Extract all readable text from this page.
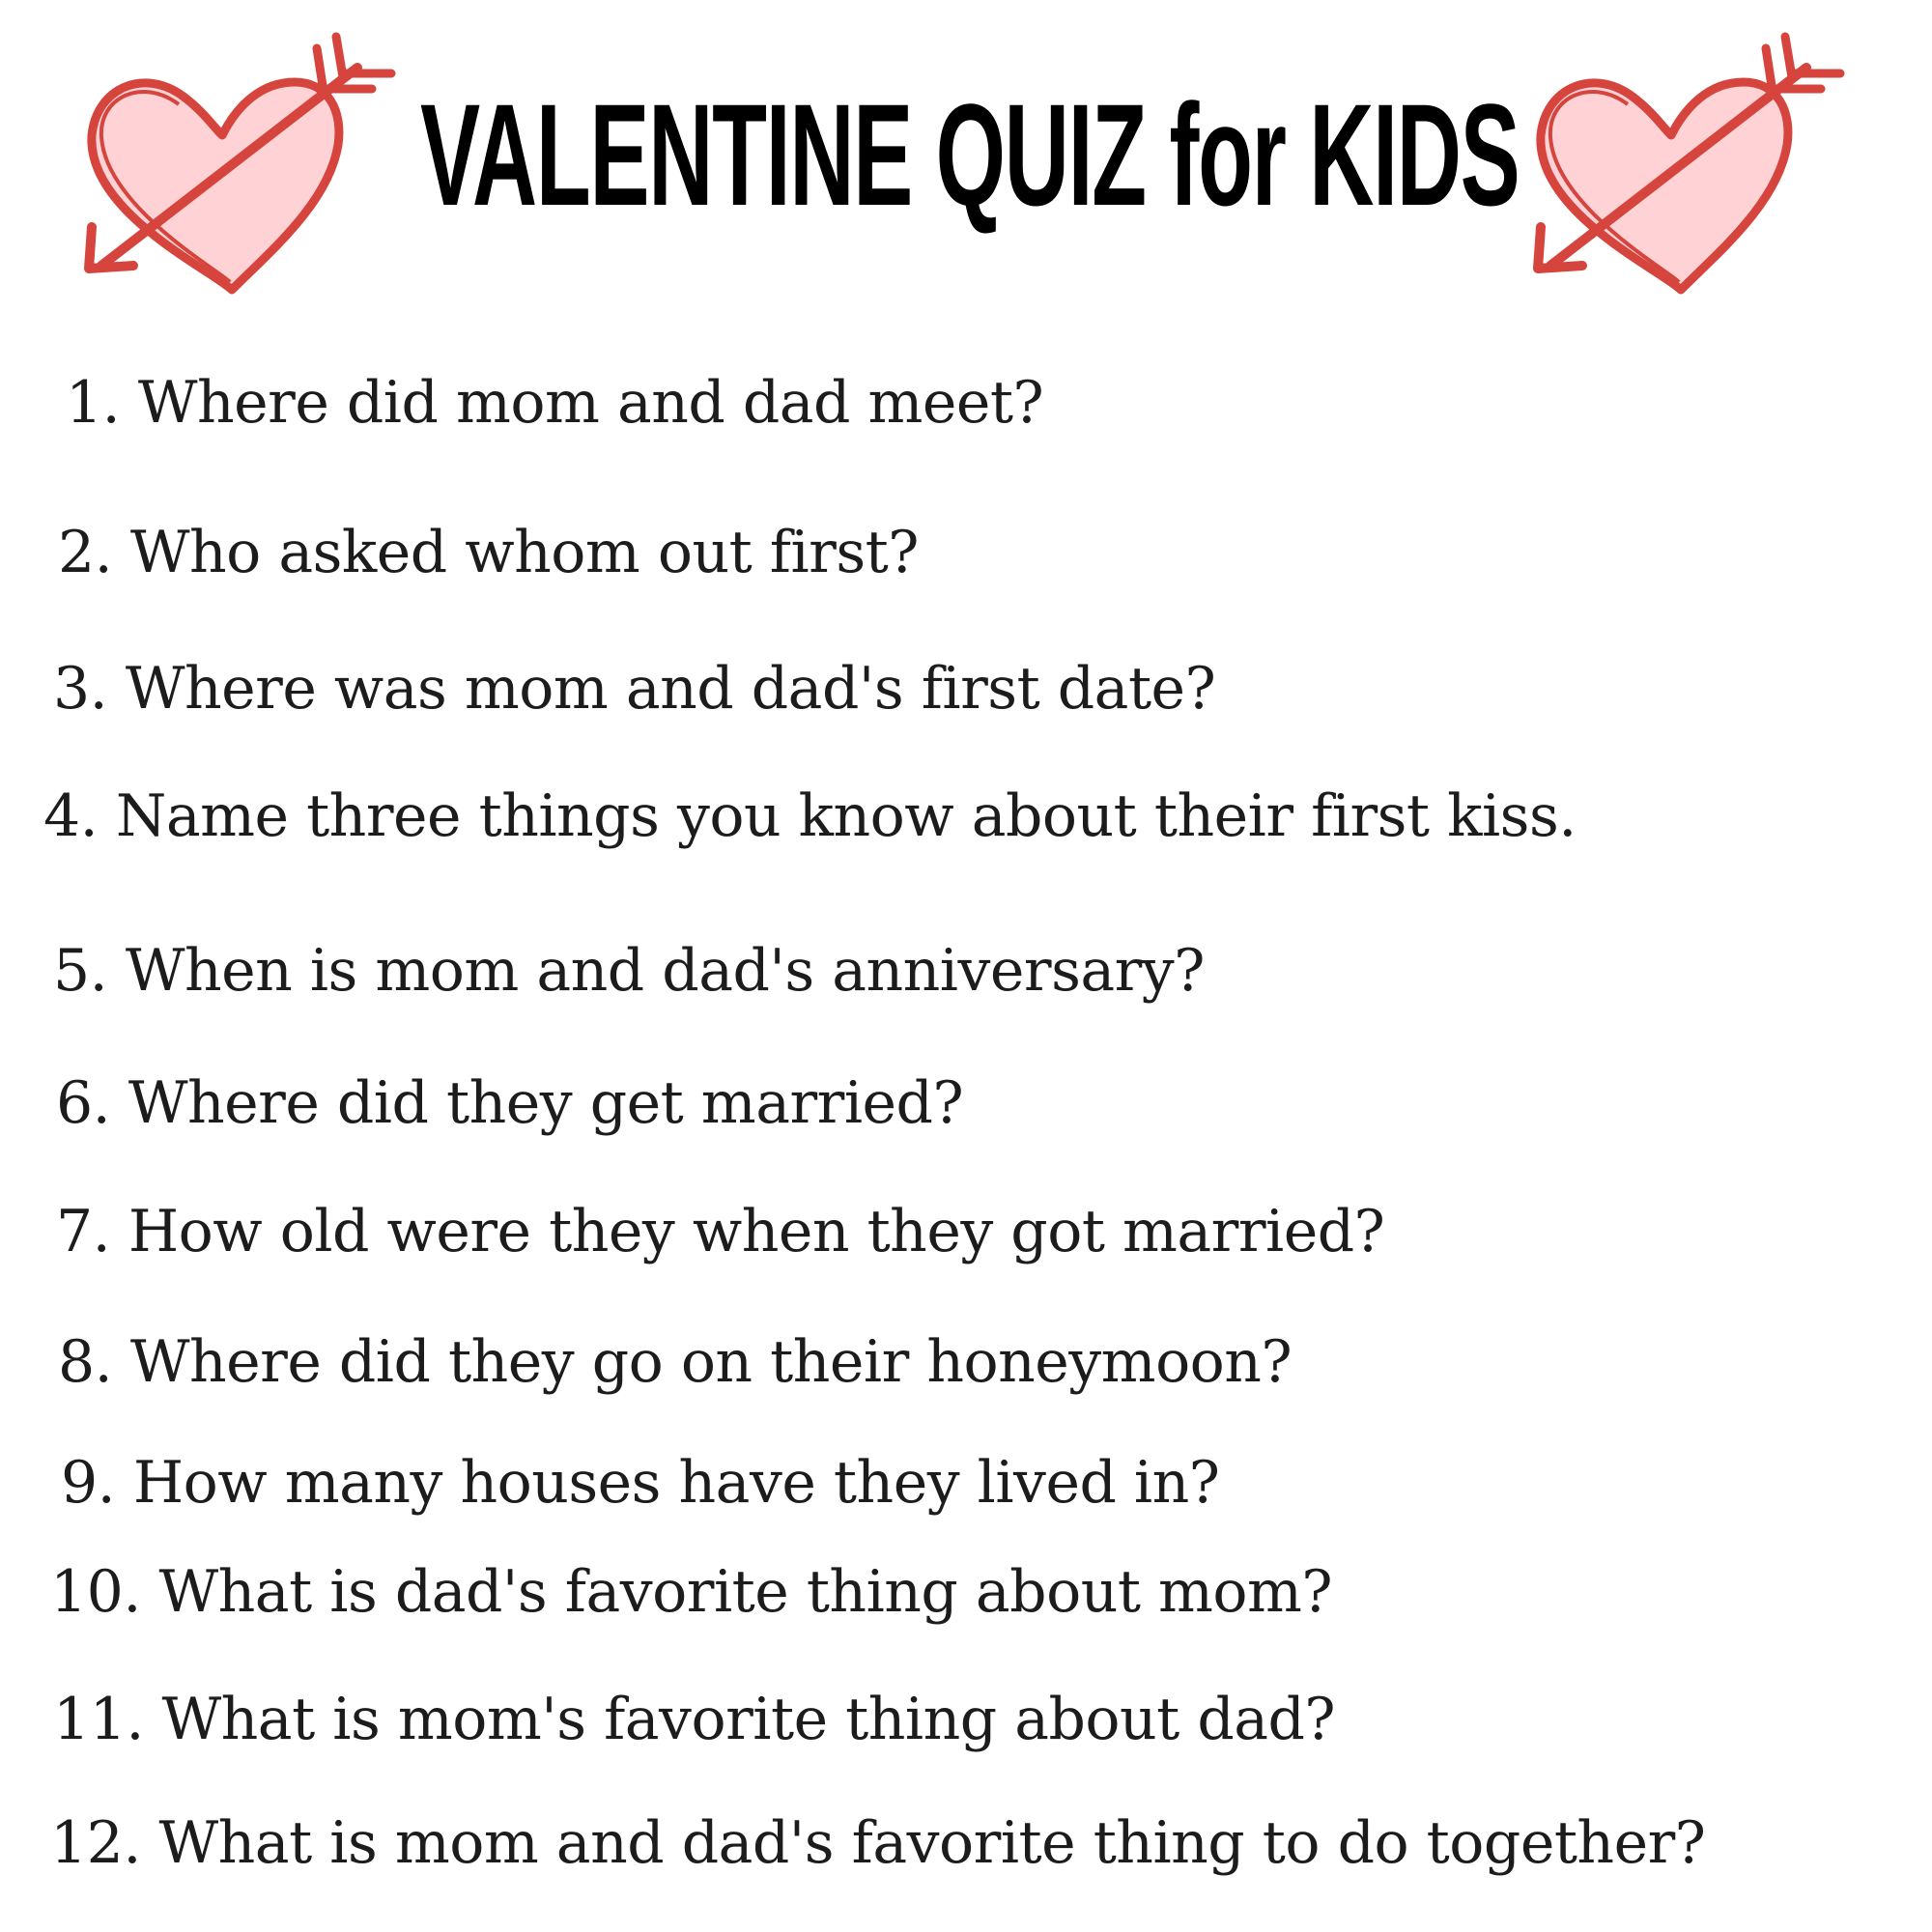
VALENTINE QUIZ for KIDS
1. Where did mom and dad meet?
2. Who asked whom out first?
3. Where was mom and dad's first date?
4. Name three things you know about their first kiss.
5. When is mom and dad's anniversary?
6. Where did they get married?
7. How old were they when they got married?
8. Where did they go on their honeymoon?
9. How many houses have they lived in?
10. What is dad's favorite thing about mom?
11. What is mom's favorite thing about dad?
12. What is mom and dad's favorite thing to do together?
